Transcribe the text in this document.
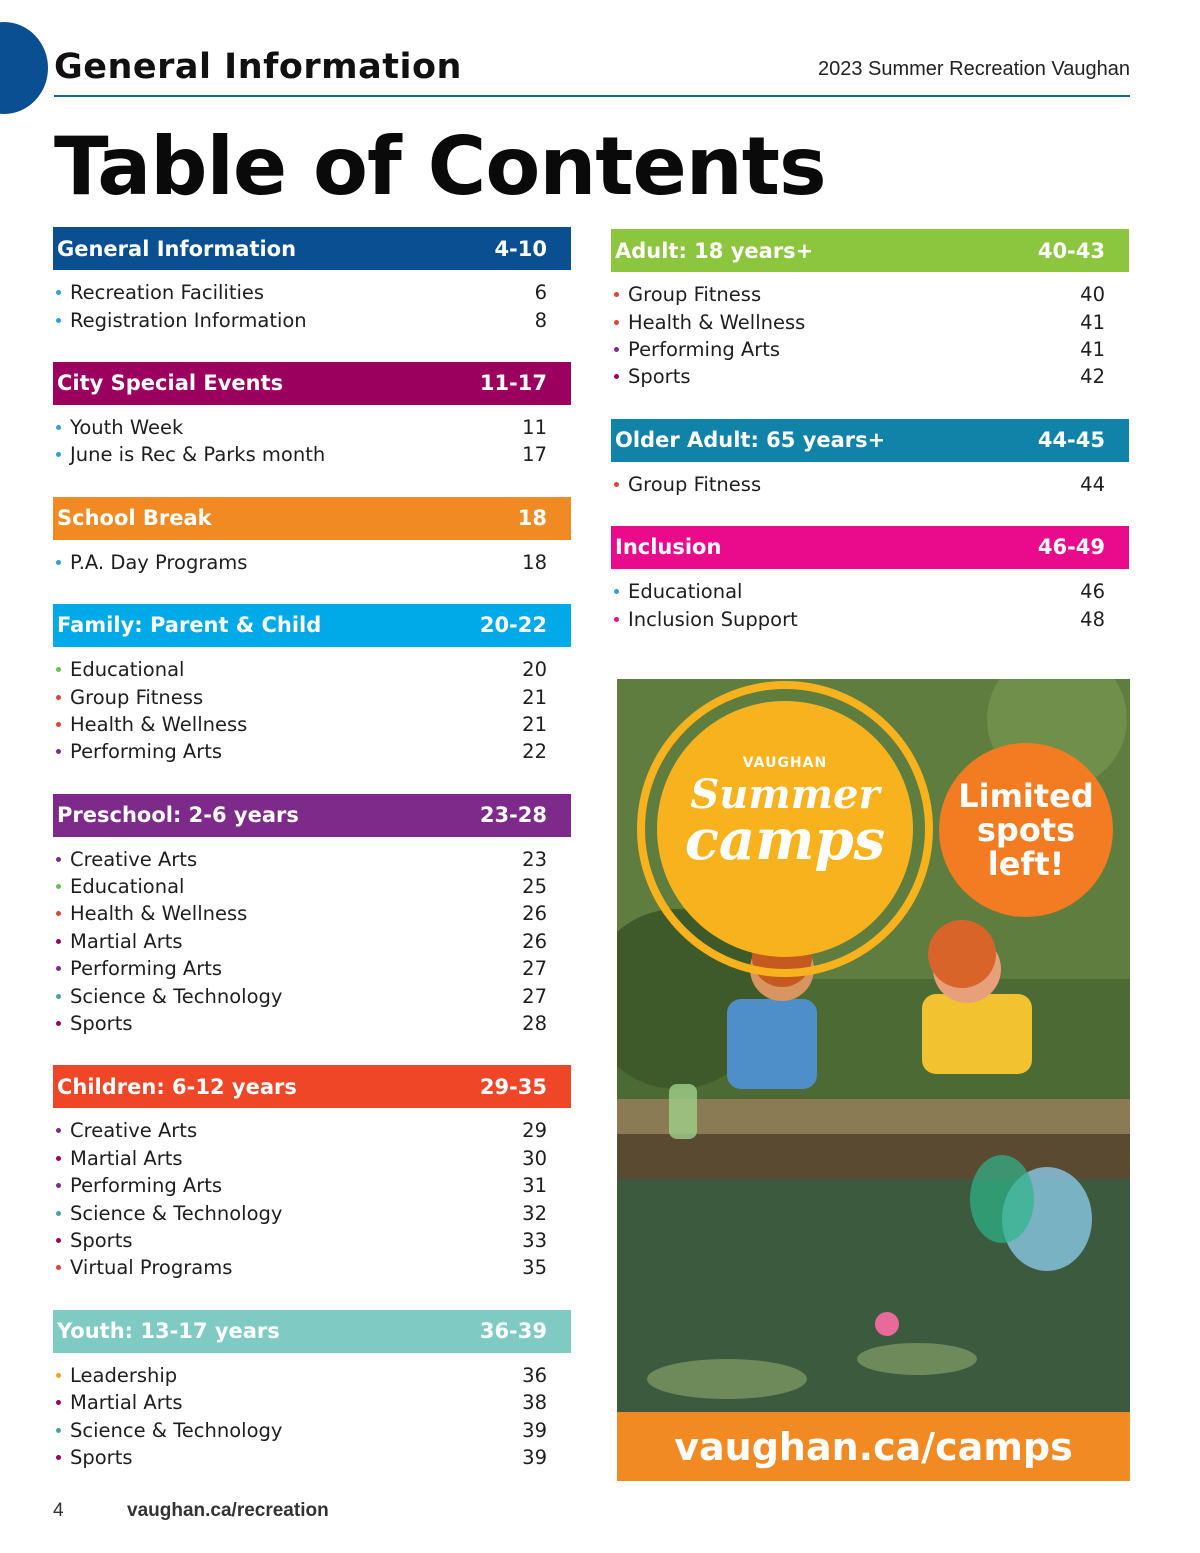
General Information	2023 Summer Recreation Vaughan
Table of Contents
General Information	4-10
Recreation Facilities	6
Registration Information	8
City Special Events	11-17
Youth Week	11
June is Rec & Parks month	17
School Break	18
P.A. Day Programs	18
Family: Parent & Child	20-22
Educational	20
Group Fitness	21
Health & Wellness	21
Performing Arts	22
Preschool: 2-6 years	23-28
Creative Arts	23
Educational	25
Health & Wellness	26
Martial Arts	26
Performing Arts	27
Science & Technology	27
Sports	28
Children: 6-12 years	29-35
Creative Arts	29
Martial Arts	30
Performing Arts	31
Science & Technology	32
Sports	33
Virtual Programs	35
Youth: 13-17 years	36-39
Leadership	36
Martial Arts	38
Science & Technology	39
Sports	39
Adult: 18 years+	40-43
Group Fitness	40
Health & Wellness	41
Performing Arts	41
Sports	42
Older Adult: 65 years+	44-45
Group Fitness	44
Inclusion	46-49
Educational	46
Inclusion Support	48
VAUGHAN
Summer
camps
Limited
spots
left!
vaughan.ca/camps
4	vaughan.ca/recreation
